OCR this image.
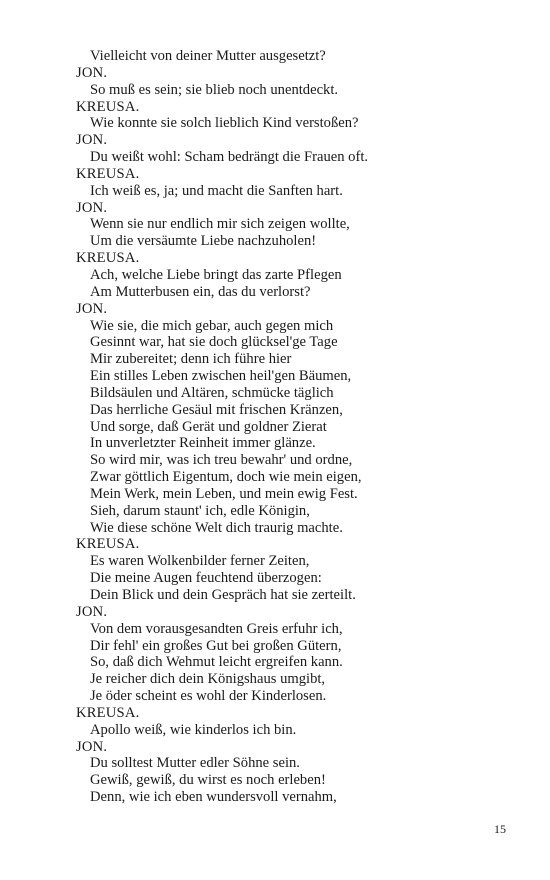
Vielleicht von deiner Mutter ausgesetzt?
JON.
So muß es sein; sie blieb noch unentdeckt.
KREUSA.
Wie konnte sie solch lieblich Kind verstoßen?
JON.
Du weißt wohl: Scham bedrängt die Frauen oft.
KREUSA.
Ich weiß es, ja; und macht die Sanften hart.
JON.
Wenn sie nur endlich mir sich zeigen wollte,
Um die versäumte Liebe nachzuholen!
KREUSA.
Ach, welche Liebe bringt das zarte Pflegen
Am Mutterbusen ein, das du verlorst?
JON.
Wie sie, die mich gebar, auch gegen mich
Gesinnt war, hat sie doch glücksel'ge Tage
Mir zubereitet; denn ich führe hier
Ein stilles Leben zwischen heil'gen Bäumen,
Bildsäulen und Altären, schmücke täglich
Das herrliche Gesäul mit frischen Kränzen,
Und sorge, daß Gerät und goldner Zierat
In unverletzter Reinheit immer glänze.
So wird mir, was ich treu bewahr' und ordne,
Zwar göttlich Eigentum, doch wie mein eigen,
Mein Werk, mein Leben, und mein ewig Fest.
Sieh, darum staunt' ich, edle Königin,
Wie diese schöne Welt dich traurig machte.
KREUSA.
Es waren Wolkenbilder ferner Zeiten,
Die meine Augen feuchtend überzogen:
Dein Blick und dein Gespräch hat sie zerteilt.
JON.
Von dem vorausgesandten Greis erfuhr ich,
Dir fehl' ein großes Gut bei großen Gütern,
So, daß dich Wehmut leicht ergreifen kann.
Je reicher dich dein Königshaus umgibt,
Je öder scheint es wohl der Kinderlosen.
KREUSA.
Apollo weiß, wie kinderlos ich bin.
JON.
Du solltest Mutter edler Söhne sein.
Gewiß, gewiß, du wirst es noch erleben!
Denn, wie ich eben wundersvoll vernahm,
15
